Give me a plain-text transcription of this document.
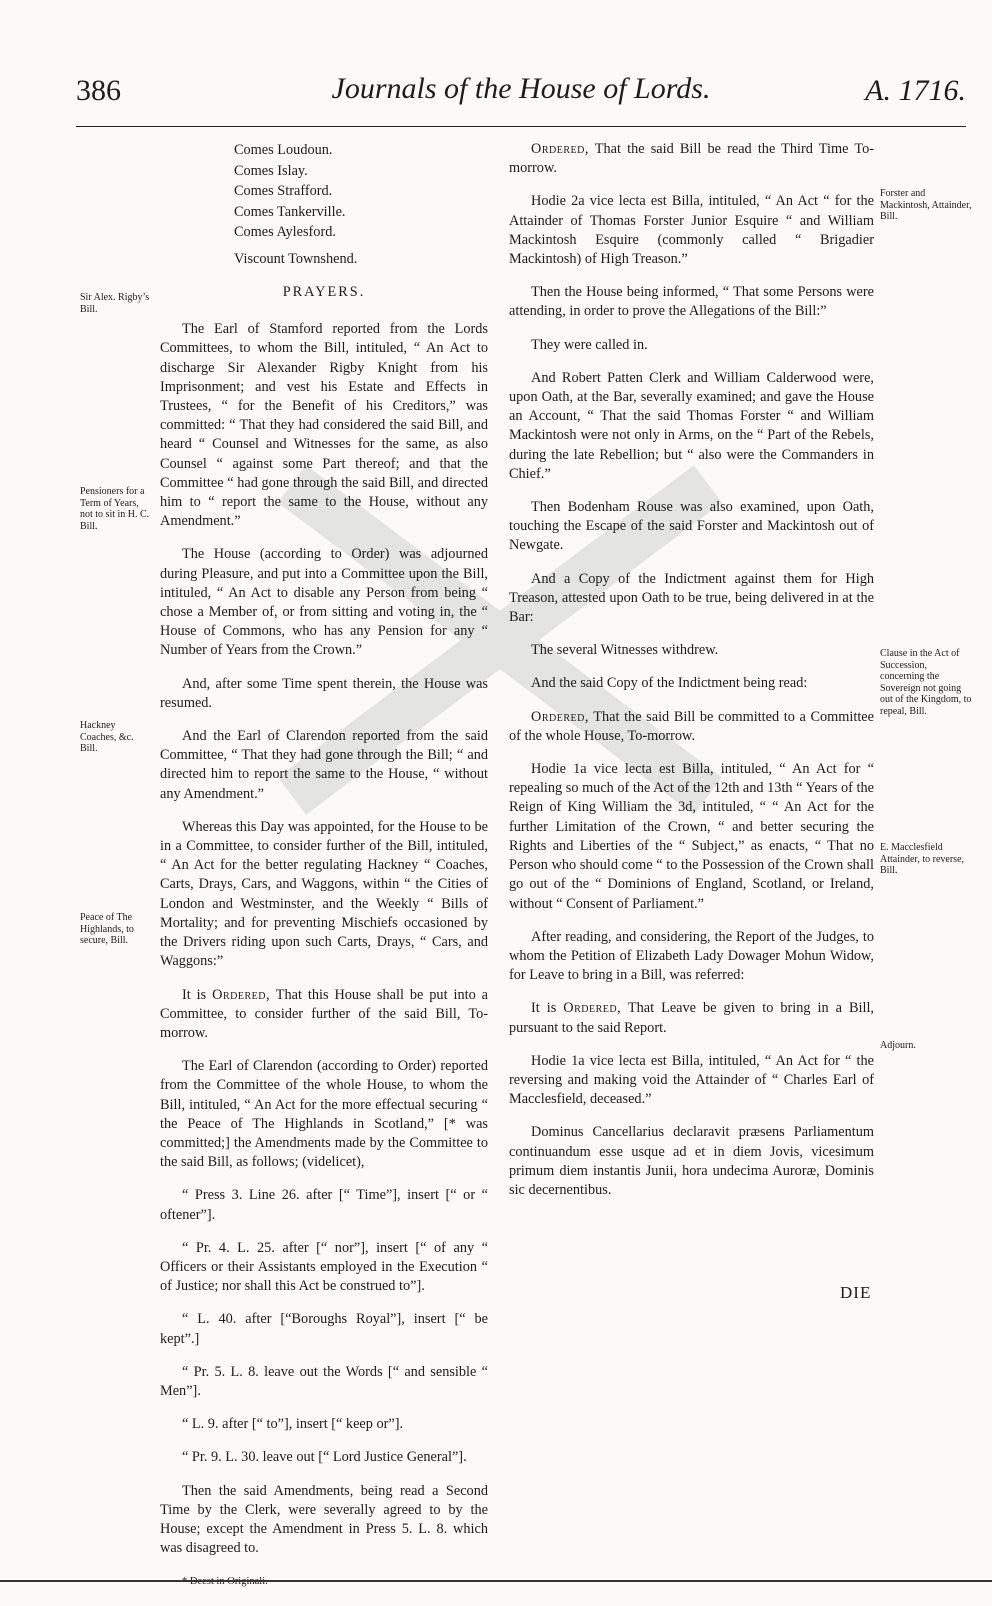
386	Journals of the House of Lords.	A. 1716.

Comes Loudoun.
Comes Islay.
Comes Strafford.
Comes Tankerville.
Comes Aylesford.
Viscount Townshend.

PRAYERS.

The Earl of Stamford reported from the Lords Committees, to whom the Bill, intituled, “ An Act to discharge Sir Alexander Rigby Knight from his Imprisonment; and vest his Estate and Effects in Trustees, “ for the Benefit of his Creditors,” was committed: “ That they had considered the said Bill, and heard “ Counsel and Witnesses for the same, as also Counsel “ against some Part thereof; and that the Committee “ had gone through the said Bill, and directed him to “ report the same to the House, without any Amendment.”

The House (according to Order) was adjourned during Pleasure, and put into a Committee upon the Bill, intituled, “ An Act to disable any Person from being “ chose a Member of, or from sitting and voting in, the “ House of Commons, who has any Pension for any “ Number of Years from the Crown.”

And, after some Time spent therein, the House was resumed.

And the Earl of Clarendon reported from the said Committee, “ That they had gone through the Bill; “ and directed him to report the same to the House, “ without any Amendment.”

Whereas this Day was appointed, for the House to be in a Committee, to consider further of the Bill, intituled, “ An Act for the better regulating Hackney “ Coaches, Carts, Drays, Cars, and Waggons, within “ the Cities of London and Westminster, and the Weekly “ Bills of Mortality; and for preventing Mischiefs occasioned by the Drivers riding upon such Carts, Drays, “ Cars, and Waggons:”

It is Ordered, That this House shall be put into a Committee, to consider further of the said Bill, To-morrow.

The Earl of Clarendon (according to Order) reported from the Committee of the whole House, to whom the Bill, intituled, “ An Act for the more effectual securing “ the Peace of The Highlands in Scotland,” [* was committed;] the Amendments made by the Committee to the said Bill, as follows; (videlicet),

“ Press 3. Line 26. after [“ Time”], insert [“ or “ oftener”].

“ Pr. 4. L. 25. after [“ nor”], insert [“ of any “ Officers or their Assistants employed in the Execution “ of Justice; nor shall this Act be construed to”].

“ L. 40. after [“Boroughs Royal”], insert [“ be kept”.]

“ Pr. 5. L. 8. leave out the Words [“ and sensible “ Men”].

“ L. 9. after [“ to”], insert [“ keep or”].

“ Pr. 9. L. 30. leave out [“ Lord Justice General”].

Then the said Amendments, being read a Second Time by the Clerk, were severally agreed to by the House; except the Amendment in Press 5. L. 8. which was disagreed to.

* Deest in Originali.

Ordered, That the said Bill be read the Third Time To-morrow.

Hodie 2a vice lecta est Billa, intituled, “ An Act “ for the Attainder of Thomas Forster Junior Esquire “ and William Mackintosh Esquire (commonly called “ Brigadier Mackintosh) of High Treason.”

Then the House being informed, “ That some Persons were attending, in order to prove the Allegations of the Bill:”

They were called in.

And Robert Patten Clerk and William Calderwood were, upon Oath, at the Bar, severally examined; and gave the House an Account, “ That the said Thomas Forster “ and William Mackintosh were not only in Arms, on the “ Part of the Rebels, during the late Rebellion; but “ also were the Commanders in Chief.”

Then Bodenham Rouse was also examined, upon Oath, touching the Escape of the said Forster and Mackintosh out of Newgate.

And a Copy of the Indictment against them for High Treason, attested upon Oath to be true, being delivered in at the Bar:

The several Witnesses withdrew.

And the said Copy of the Indictment being read:

Ordered, That the said Bill be committed to a Committee of the whole House, To-morrow.

Hodie 1a vice lecta est Billa, intituled, “ An Act for “ repealing so much of the Act of the 12th and 13th “ Years of the Reign of King William the 3d, intituled, “ “ An Act for the further Limitation of the Crown, “ and better securing the Rights and Liberties of the “ Subject,” as enacts, “ That no Person who should come “ to the Possession of the Crown shall go out of the “ Dominions of England, Scotland, or Ireland, without “ Consent of Parliament.”

After reading, and considering, the Report of the Judges, to whom the Petition of Elizabeth Lady Dowager Mohun Widow, for Leave to bring in a Bill, was referred:

It is Ordered, That Leave be given to bring in a Bill, pursuant to the said Report.

Hodie 1a vice lecta est Billa, intituled, “ An Act for “ the reversing and making void the Attainder of “ Charles Earl of Macclesfield, deceased.”

Dominus Cancellarius declaravit præsens Parliamentum continuandum esse usque ad et in diem Jovis, vicesimum primum diem instantis Junii, hora undecima Auroræ, Dominis sic decernentibus.

Sir Alex. Rigby’s Bill.
Pensioners for a Term of Years, not to sit in H. C. Bill.
Hackney Coaches, &c. Bill.
Peace of The Highlands, to secure, Bill.
Forster and Mackintosh, Attainder, Bill.
Clause in the Act of Succession, concerning the Sovereign not going out of the Kingdom, to repeal, Bill.
E. Macclesfield Attainder, to reverse, Bill.
Adjourn.
DIE
